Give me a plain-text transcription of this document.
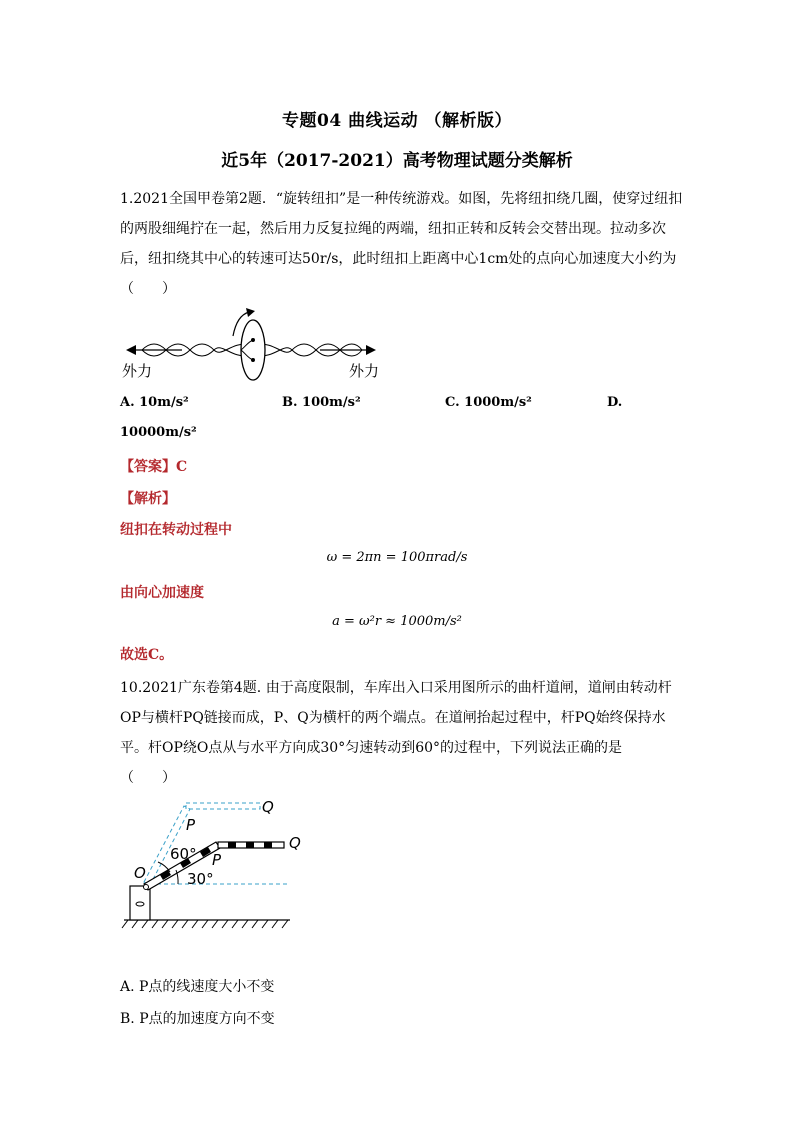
专题04 曲线运动 （解析版）
近5年（2017-2021）高考物理试题分类解析
1.2021全国甲卷第2题．“旋转纽扣”是一种传统游戏。如图，先将纽扣绕几圈，使穿过纽扣的两股细绳拧在一起，然后用力反复拉绳的两端，纽扣正转和反转会交替出现。拉动多次后，纽扣绕其中心的转速可达50r/s，此时纽扣上距离中心1cm处的点向心加速度大小约为（　　）
外力	外力
A. 10m/s²	B. 100m/s²	C. 1000m/s²	D.
10000m/s²
【答案】C
【解析】
纽扣在转动过程中
ω = 2πn = 100πrad/s
由向心加速度
a = ω²r ≈ 1000m/s²
故选C。
10.2021广东卷第4题. 由于高度限制，车库出入口采用图所示的曲杆道闸，道闸由转动杆OP与横杆PQ链接而成，P、Q为横杆的两个端点。在道闸抬起过程中，杆PQ始终保持水平。杆OP绕O点从与水平方向成30°匀速转动到60°的过程中，下列说法正确的是
（　　）
O
P
Q
P
Q
60°
30°
A. P点的线速度大小不变
B. P点的加速度方向不变
